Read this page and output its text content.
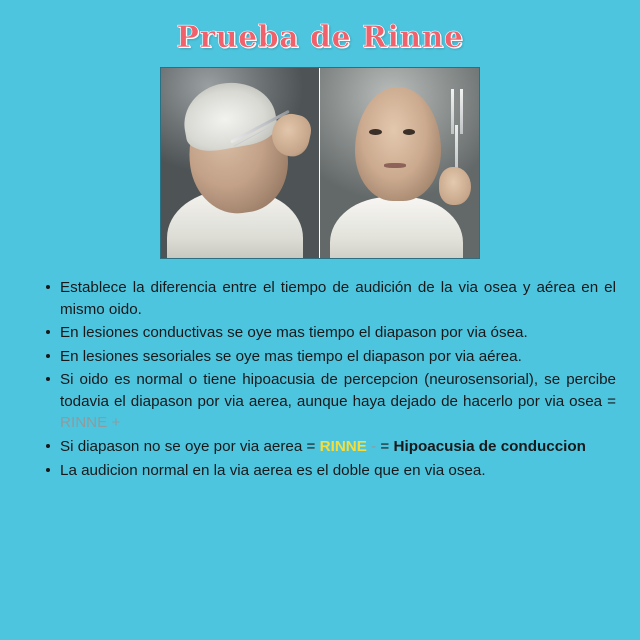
Prueba de Rinne
Establece la diferencia entre el tiempo de audición de la via osea y aérea en el mismo oido.
En lesiones conductivas se oye mas tiempo el diapason por via ósea.
En lesiones sesoriales se oye mas tiempo el diapason por via aérea.
Si oido es normal o tiene hipoacusia de percepcion (neurosensorial), se percibe todavia el diapason por via aerea, aunque haya dejado de hacerlo por via osea = RINNE +
Si diapason no se oye por via aerea = RINNE - = Hipoacusia de conduccion
La audicion normal en la via aerea es el doble que en via osea.
